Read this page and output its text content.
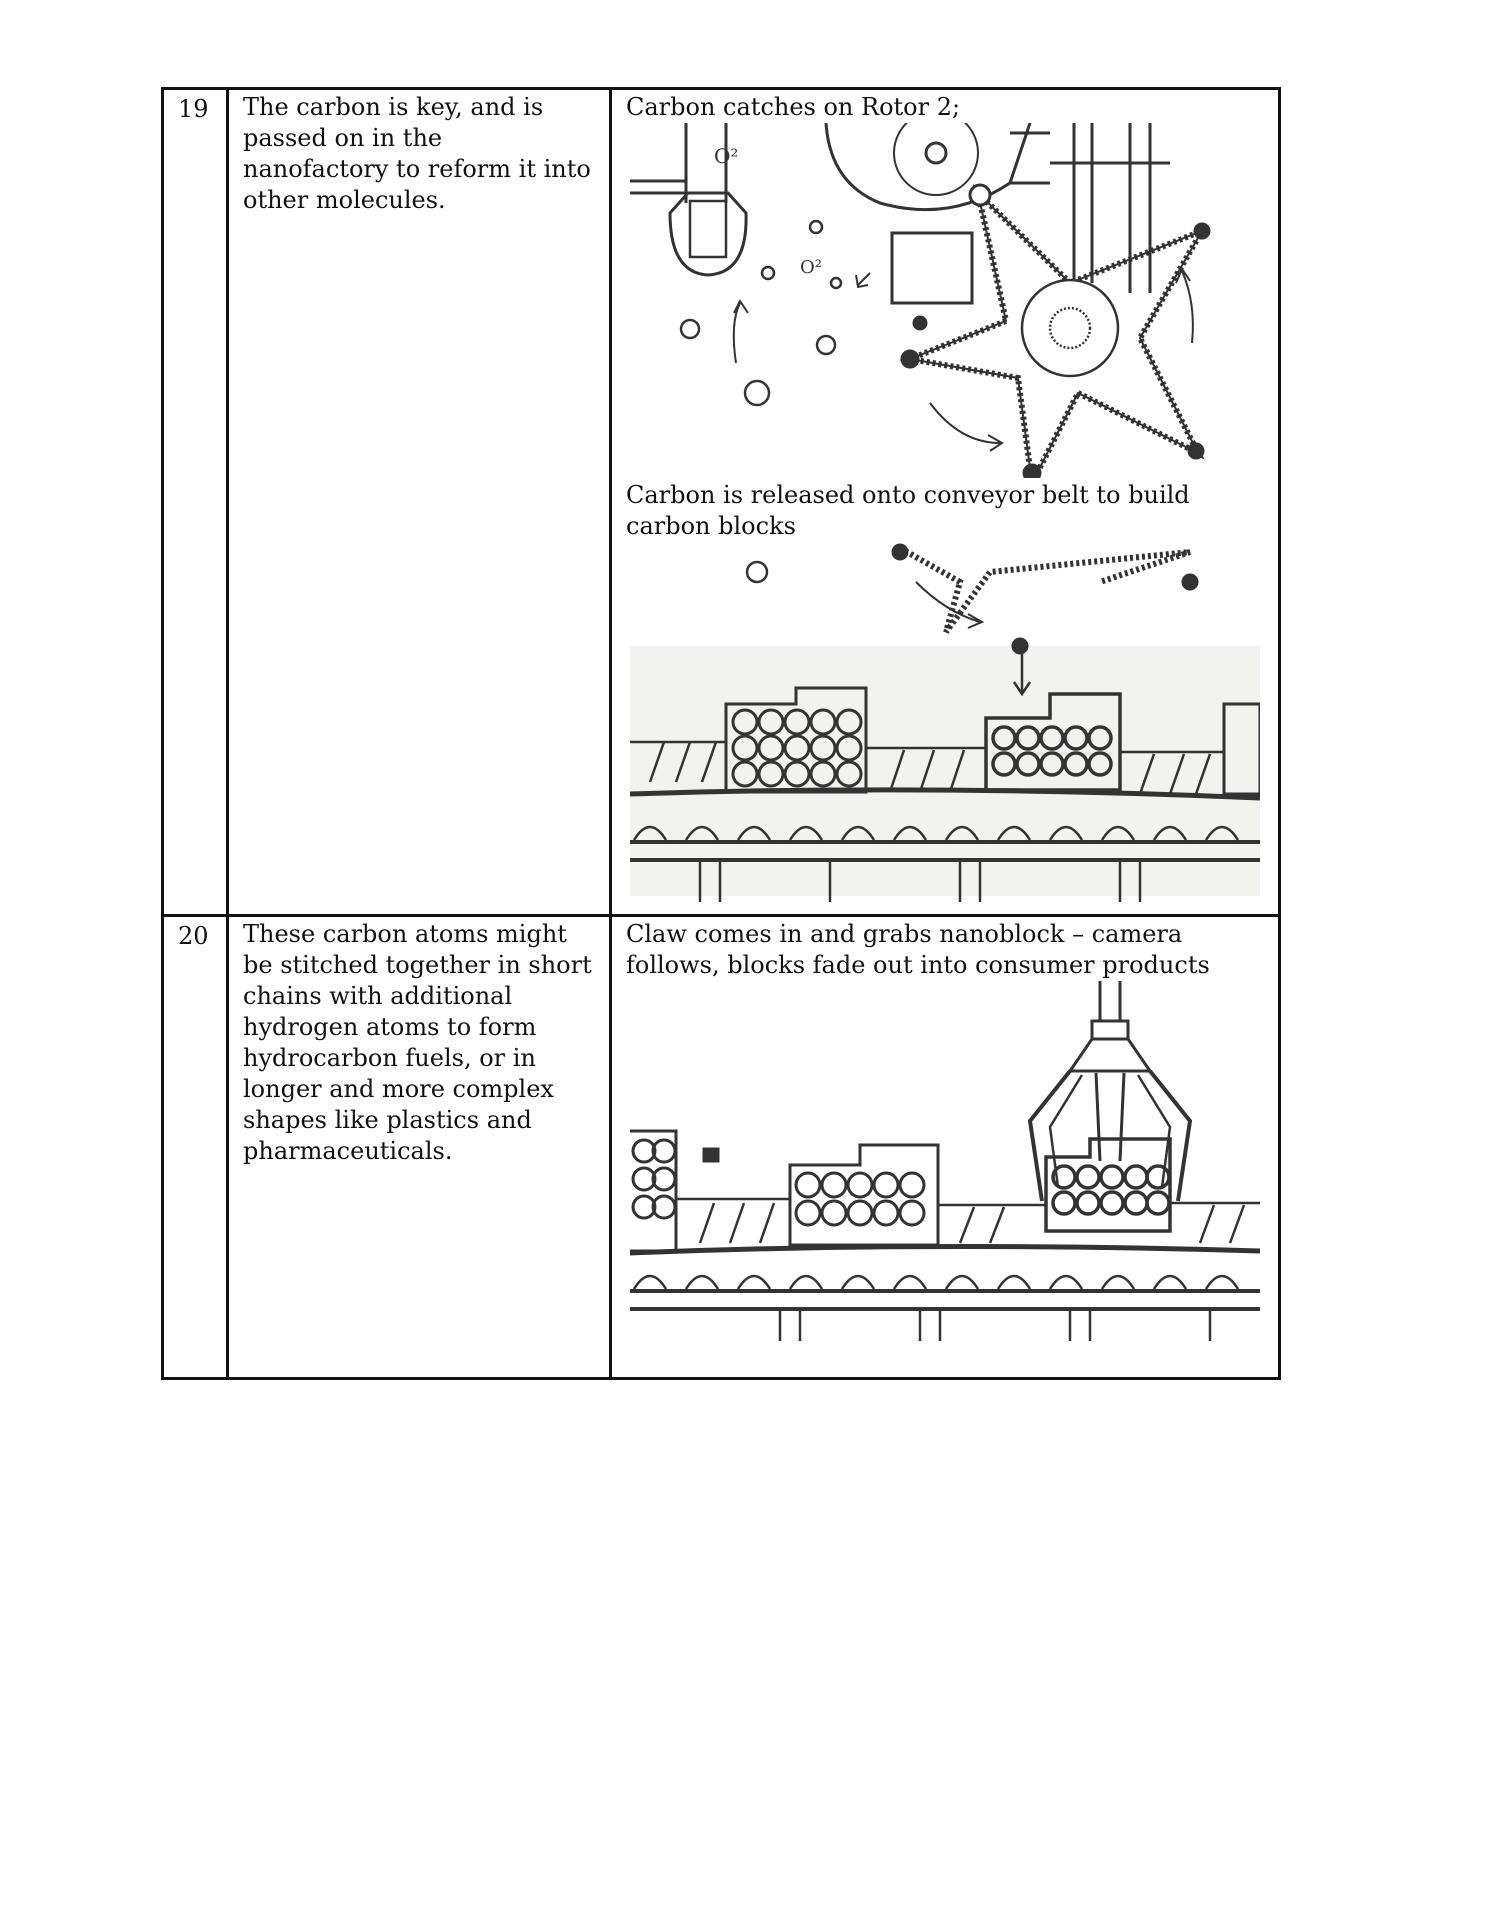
19	The carbon is key, and is passed on in the nanofactory to reform it into other molecules.	Carbon catches on Rotor 2;
O²
O²
Carbon is released onto conveyor belt to build carbon blocks

20	These carbon atoms might be stitched together in short chains with additional hydrogen atoms to form hydrocarbon fuels, or in longer and more complex shapes like plastics and pharmaceuticals.	Claw comes in and grabs nanoblock – camera follows, blocks fade out into consumer products
